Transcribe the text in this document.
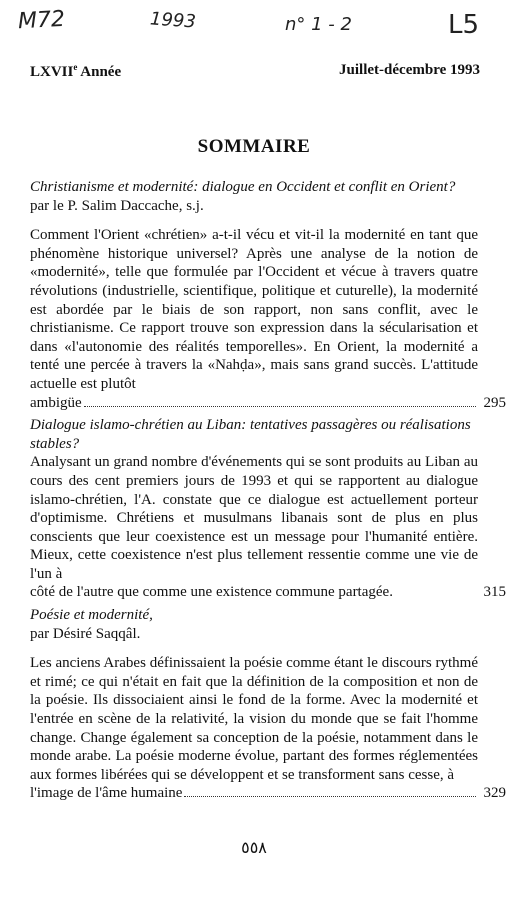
M72	1993	n° 1 - 2	L5
LXVIIe Année	Juillet-décembre 1993
SOMMAIRE
Christianisme et modernité: dialogue en Occident et conflit en Orient?
par le P. Salim Daccache, s.j.
Comment l'Orient «chrétien» a-t-il vécu et vit-il la modernité en tant que phénomène historique universel? Après une analyse de la notion de «modernité», telle que formulée par l'Occident et vécue à travers quatre révolutions (industrielle, scientifique, politique et cuturelle), la modernité est abordée par le biais de son rapport, non sans conflit, avec le christianisme. Ce rapport trouve son expression dans la sécularisation et dans «l'autonomie des réalités temporelles». En Orient, la modernité a tenté une percée à travers la «Nahḍa», mais sans grand succès. L'attitude actuelle est plutôt
ambigüe	295
Dialogue islamo-chrétien au Liban: tentatives passagères ou réalisations stables?
Analysant un grand nombre d'événements qui se sont produits au Liban au cours des cent premiers jours de 1993 et qui se rapportent au dialogue islamo-chrétien, l'A. constate que ce dialogue est actuellement porteur d'optimisme. Chrétiens et musulmans libanais sont de plus en plus conscients que leur coexistence est un message pour l'humanité entière. Mieux, cette coexistence n'est plus tellement ressentie comme une vie de l'un à
côté de l'autre que comme une existence commune partagée.	315
Poésie et modernité,
par Désiré Saqqâl.
Les anciens Arabes définissaient la poésie comme étant le discours rythmé et rimé; ce qui n'était en fait que la définition de la composition et non de la poésie. Ils dissociaient ainsi le fond de la forme. Avec la modernité et l'entrée en scène de la relativité, la vision du monde que se fait l'homme change. Change également sa conception de la poésie, notamment dans le monde arabe. La poésie moderne évolue, partant des formes réglementées aux formes libérées qui se développent et se transforment sans cesse, à
l'image de l'âme humaine	329
٥٥٨
